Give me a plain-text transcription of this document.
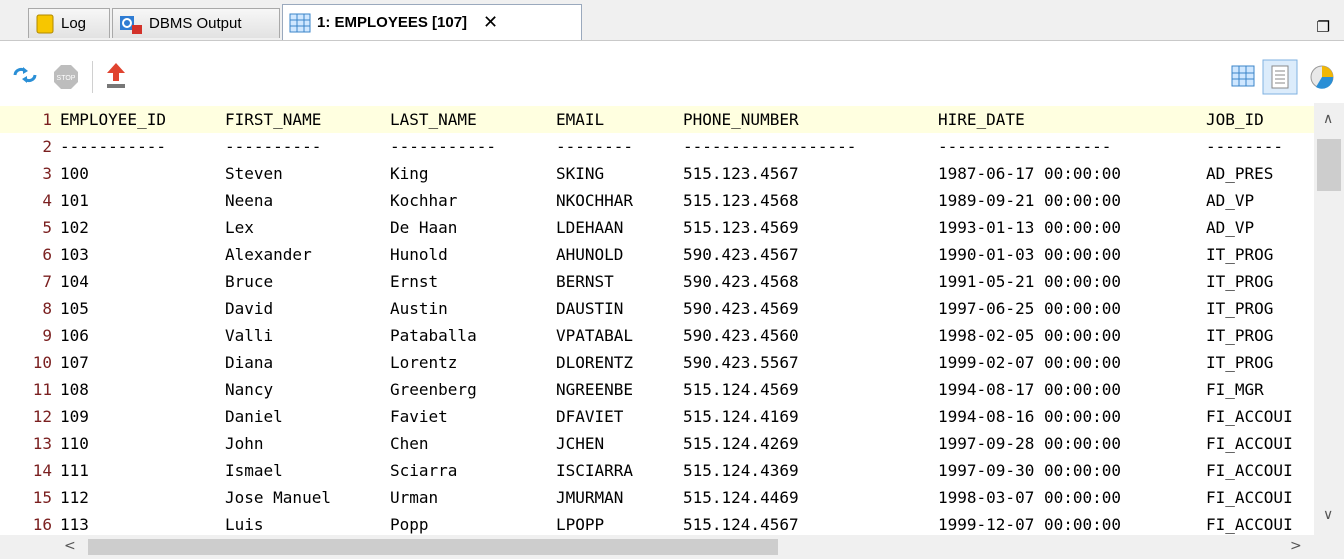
Log	DBMS Output	1: EMPLOYEES [107] ✕	❐
STOP
1 EMPLOYEE_ID	FIRST_NAME	LAST_NAME	EMAIL	PHONE_NUMBER	HIRE_DATE	JOB_ID
2 -----------	----------	-----------	--------	------------------	------------------	--------
3 100	Steven	King	SKING	515.123.4567	1987-06-17 00:00:00	AD_PRES
4 101	Neena	Kochhar	NKOCHHAR	515.123.4568	1989-09-21 00:00:00	AD_VP
5 102	Lex	De Haan	LDEHAAN	515.123.4569	1993-01-13 00:00:00	AD_VP
6 103	Alexander	Hunold	AHUNOLD	590.423.4567	1990-01-03 00:00:00	IT_PROG
7 104	Bruce	Ernst	BERNST	590.423.4568	1991-05-21 00:00:00	IT_PROG
8 105	David	Austin	DAUSTIN	590.423.4569	1997-06-25 00:00:00	IT_PROG
9 106	Valli	Pataballa	VPATABAL	590.423.4560	1998-02-05 00:00:00	IT_PROG
10 107	Diana	Lorentz	DLORENTZ	590.423.5567	1999-02-07 00:00:00	IT_PROG
11 108	Nancy	Greenberg	NGREENBE	515.124.4569	1994-08-17 00:00:00	FI_MGR
12 109	Daniel	Faviet	DFAVIET	515.124.4169	1994-08-16 00:00:00	FI_ACCOUI
13 110	John	Chen	JCHEN	515.124.4269	1997-09-28 00:00:00	FI_ACCOUI
14 111	Ismael	Sciarra	ISCIARRA	515.124.4369	1997-09-30 00:00:00	FI_ACCOUI
15 112	Jose Manuel	Urman	JMURMAN	515.124.4469	1998-03-07 00:00:00	FI_ACCOUI
16 113	Luis	Popp	LPOPP	515.124.4567	1999-12-07 00:00:00	FI_ACCOUI
∧
∨
<	>
